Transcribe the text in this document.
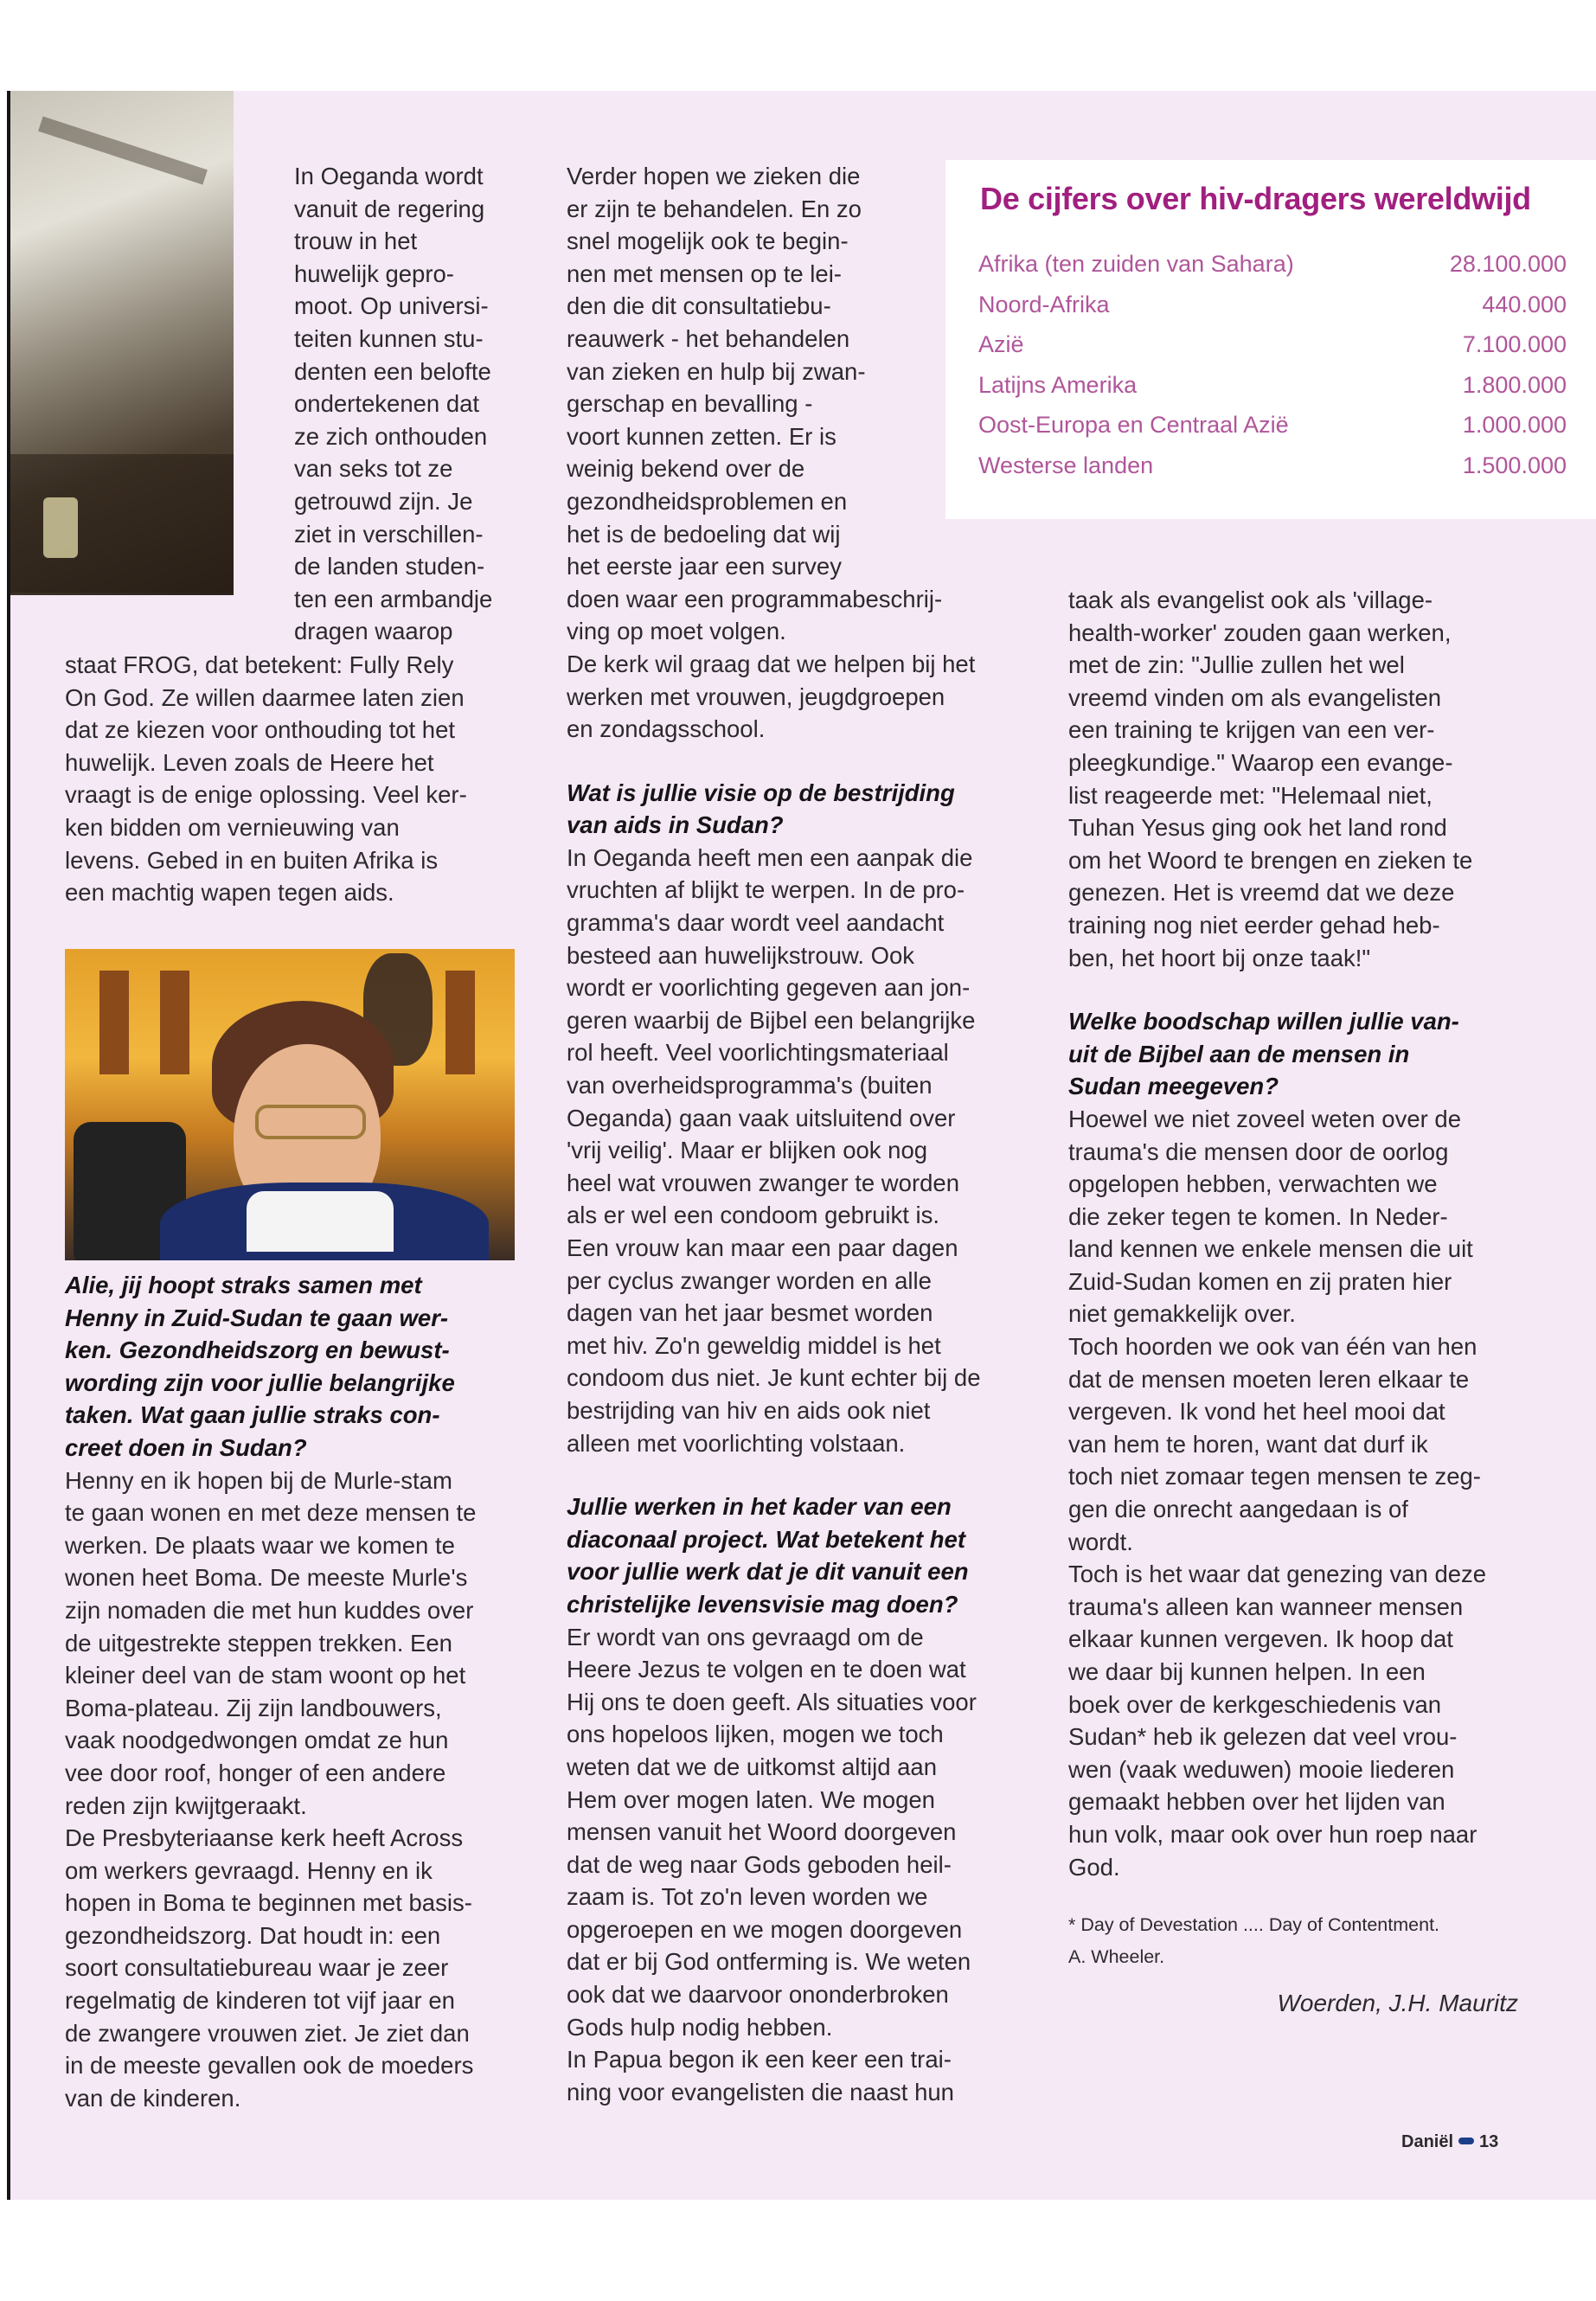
In Oeganda wordt
vanuit de regering
trouw in het
huwelijk gepro-
moot. Op universi-
teiten kunnen stu-
denten een belofte
ondertekenen dat
ze zich onthouden
van seks tot ze
getrouwd zijn. Je
ziet in verschillen-
de landen studen-
ten een armbandje
dragen waarop
staat FROG, dat betekent: Fully Rely
On God. Ze willen daarmee laten zien
dat ze kiezen voor onthouding tot het
huwelijk. Leven zoals de Heere het
vraagt is de enige oplossing. Veel ker-
ken bidden om vernieuwing van
levens. Gebed in en buiten Afrika is
een machtig wapen tegen aids.
Alie, jij hoopt straks samen met
Henny in Zuid-Sudan te gaan wer-
ken. Gezondheidszorg en bewust-
wording zijn voor jullie belangrijke
taken. Wat gaan jullie straks con-
creet doen in Sudan?
Henny en ik hopen bij de Murle-stam
te gaan wonen en met deze mensen te
werken. De plaats waar we komen te
wonen heet Boma. De meeste Murle's
zijn nomaden die met hun kuddes over
de uitgestrekte steppen trekken. Een
kleiner deel van de stam woont op het
Boma-plateau. Zij zijn landbouwers,
vaak noodgedwongen omdat ze hun
vee door roof, honger of een andere
reden zijn kwijtgeraakt.
De Presbyteriaanse kerk heeft Across
om werkers gevraagd. Henny en ik
hopen in Boma te beginnen met basis-
gezondheidszorg. Dat houdt in: een
soort consultatiebureau waar je zeer
regelmatig de kinderen tot vijf jaar en
de zwangere vrouwen ziet. Je ziet dan
in de meeste gevallen ook de moeders
van de kinderen.
Verder hopen we zieken die
er zijn te behandelen. En zo
snel mogelijk ook te begin-
nen met mensen op te lei-
den die dit consultatiebu-
reauwerk - het behandelen
van zieken en hulp bij zwan-
gerschap en bevalling -
voort kunnen zetten. Er is
weinig bekend over de
gezondheidsproblemen en
het is de bedoeling dat wij
het eerste jaar een survey
doen waar een programmabeschrij-
ving op moet volgen.
De kerk wil graag dat we helpen bij het
werken met vrouwen, jeugdgroepen
en zondagsschool.
Wat is jullie visie op de bestrijding
van aids in Sudan?
In Oeganda heeft men een aanpak die
vruchten af blijkt te werpen. In de pro-
gramma's daar wordt veel aandacht
besteed aan huwelijkstrouw. Ook
wordt er voorlichting gegeven aan jon-
geren waarbij de Bijbel een belangrijke
rol heeft. Veel voorlichtingsmateriaal
van overheidsprogramma's (buiten
Oeganda) gaan vaak uitsluitend over
'vrij veilig'. Maar er blijken ook nog
heel wat vrouwen zwanger te worden
als er wel een condoom gebruikt is.
Een vrouw kan maar een paar dagen
per cyclus zwanger worden en alle
dagen van het jaar besmet worden
met hiv. Zo'n geweldig middel is het
condoom dus niet. Je kunt echter bij de
bestrijding van hiv en aids ook niet
alleen met voorlichting volstaan.
Jullie werken in het kader van een
diaconaal project. Wat betekent het
voor jullie werk dat je dit vanuit een
christelijke levensvisie mag doen?
Er wordt van ons gevraagd om de
Heere Jezus te volgen en te doen wat
Hij ons te doen geeft. Als situaties voor
ons hopeloos lijken, mogen we toch
weten dat we de uitkomst altijd aan
Hem over mogen laten. We mogen
mensen vanuit het Woord doorgeven
dat de weg naar Gods geboden heil-
zaam is. Tot zo'n leven worden we
opgeroepen en we mogen doorgeven
dat er bij God ontferming is. We weten
ook dat we daarvoor ononderbroken
Gods hulp nodig hebben.
In Papua begon ik een keer een trai-
ning voor evangelisten die naast hun
De cijfers over hiv-dragers wereldwijd
Afrika (ten zuiden van Sahara)	28.100.000
Noord-Afrika	440.000
Azië	7.100.000
Latijns Amerika	1.800.000
Oost-Europa en Centraal Azië	1.000.000
Westerse landen	1.500.000
taak als evangelist ook als 'village-
health-worker' zouden gaan werken,
met de zin: "Jullie zullen het wel
vreemd vinden om als evangelisten
een training te krijgen van een ver-
pleegkundige." Waarop een evange-
list reageerde met: "Helemaal niet,
Tuhan Yesus ging ook het land rond
om het Woord te brengen en zieken te
genezen. Het is vreemd dat we deze
training nog niet eerder gehad heb-
ben, het hoort bij onze taak!"
Welke boodschap willen jullie van-
uit de Bijbel aan de mensen in
Sudan meegeven?
Hoewel we niet zoveel weten over de
trauma's die mensen door de oorlog
opgelopen hebben, verwachten we
die zeker tegen te komen. In Neder-
land kennen we enkele mensen die uit
Zuid-Sudan komen en zij praten hier
niet gemakkelijk over.
Toch hoorden we ook van één van hen
dat de mensen moeten leren elkaar te
vergeven. Ik vond het heel mooi dat
van hem te horen, want dat durf ik
toch niet zomaar tegen mensen te zeg-
gen die onrecht aangedaan is of
wordt.
Toch is het waar dat genezing van deze
trauma's alleen kan wanneer mensen
elkaar kunnen vergeven. Ik hoop dat
we daar bij kunnen helpen. In een
boek over de kerkgeschiedenis van
Sudan* heb ik gelezen dat veel vrou-
wen (vaak weduwen) mooie liederen
gemaakt hebben over het lijden van
hun volk, maar ook over hun roep naar
God.
* Day of Devestation .... Day of Contentment.
A. Wheeler.
Woerden, J.H. Mauritz
Daniël 13
